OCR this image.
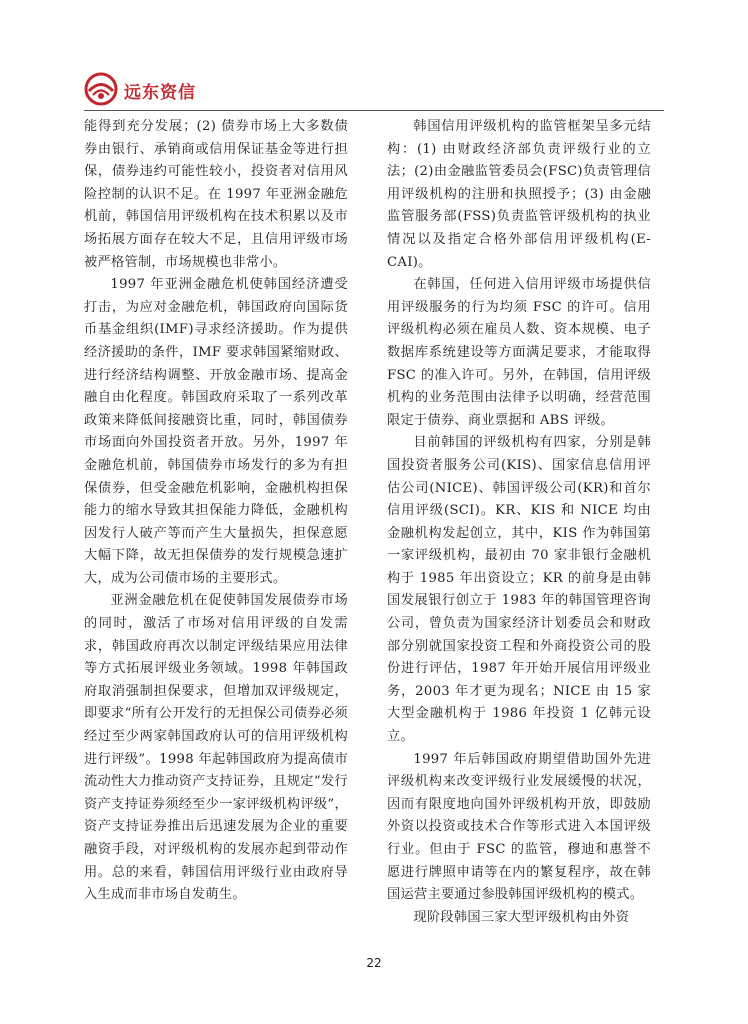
远东资信

能得到充分发展；(2) 债券市场上大多数债券由银行、承销商或信用保证基金等进行担保，债券违约可能性较小，投资者对信用风险控制的认识不足。在 1997 年亚洲金融危机前，韩国信用评级机构在技术积累以及市场拓展方面存在较大不足，且信用评级市场被严格管制，市场规模也非常小。

1997 年亚洲金融危机使韩国经济遭受打击，为应对金融危机，韩国政府向国际货币基金组织(IMF)寻求经济援助。作为提供经济援助的条件，IMF 要求韩国紧缩财政、进行经济结构调整、开放金融市场、提高金融自由化程度。韩国政府采取了一系列改革政策来降低间接融资比重，同时，韩国债券市场面向外国投资者开放。另外，1997 年金融危机前，韩国债券市场发行的多为有担保债券，但受金融危机影响，金融机构担保能力的缩水导致其担保能力降低，金融机构因发行人破产等而产生大量损失，担保意愿大幅下降，故无担保债券的发行规模急速扩大，成为公司债市场的主要形式。

亚洲金融危机在促使韩国发展债券市场的同时，激活了市场对信用评级的自发需求，韩国政府再次以制定评级结果应用法律等方式拓展评级业务领域。1998 年韩国政府取消强制担保要求，但增加双评级规定，即要求“所有公开发行的无担保公司债券必须经过至少两家韩国政府认可的信用评级机构进行评级”。1998 年起韩国政府为提高债市流动性大力推动资产支持证券，且规定“发行资产支持证券须经至少一家评级机构评级”，资产支持证券推出后迅速发展为企业的重要融资手段，对评级机构的发展亦起到带动作用。总的来看，韩国信用评级行业由政府导入生成而非市场自发萌生。

韩国信用评级机构的监管框架呈多元结构：(1) 由财政经济部负责评级行业的立法；(2)由金融监管委员会(FSC)负责管理信用评级机构的注册和执照授予；(3) 由金融监管服务部(FSS)负责监管评级机构的执业情况以及指定合格外部信用评级机构(E-CAI)。

在韩国，任何进入信用评级市场提供信用评级服务的行为均须 FSC 的许可。信用评级机构必须在雇员人数、资本规模、电子数据库系统建设等方面满足要求，才能取得 FSC 的准入许可。另外，在韩国，信用评级机构的业务范围由法律予以明确，经营范围限定于债券、商业票据和 ABS 评级。

目前韩国的评级机构有四家，分别是韩国投资者服务公司(KIS)、国家信息信用评估公司(NICE)、韩国评级公司(KR)和首尔信用评级(SCI)。KR、KIS 和 NICE 均由金融机构发起创立，其中，KIS 作为韩国第一家评级机构，最初由 70 家非银行金融机构于 1985 年出资设立；KR 的前身是由韩国发展银行创立于 1983 年的韩国管理咨询公司，曾负责为国家经济计划委员会和财政部分别就国家投资工程和外商投资公司的股份进行评估，1987 年开始开展信用评级业务，2003 年才更为现名；NICE 由 15 家大型金融机构于 1986 年投资 1 亿韩元设立。

1997 年后韩国政府期望借助国外先进评级机构来改变评级行业发展缓慢的状况，因而有限度地向国外评级机构开放，即鼓励外资以投资或技术合作等形式进入本国评级行业。但由于 FSC 的监管，穆迪和惠誉不愿进行牌照申请等在内的繁复程序，故在韩国运营主要通过参股韩国评级机构的模式。

现阶段韩国三家大型评级机构由外资

22
